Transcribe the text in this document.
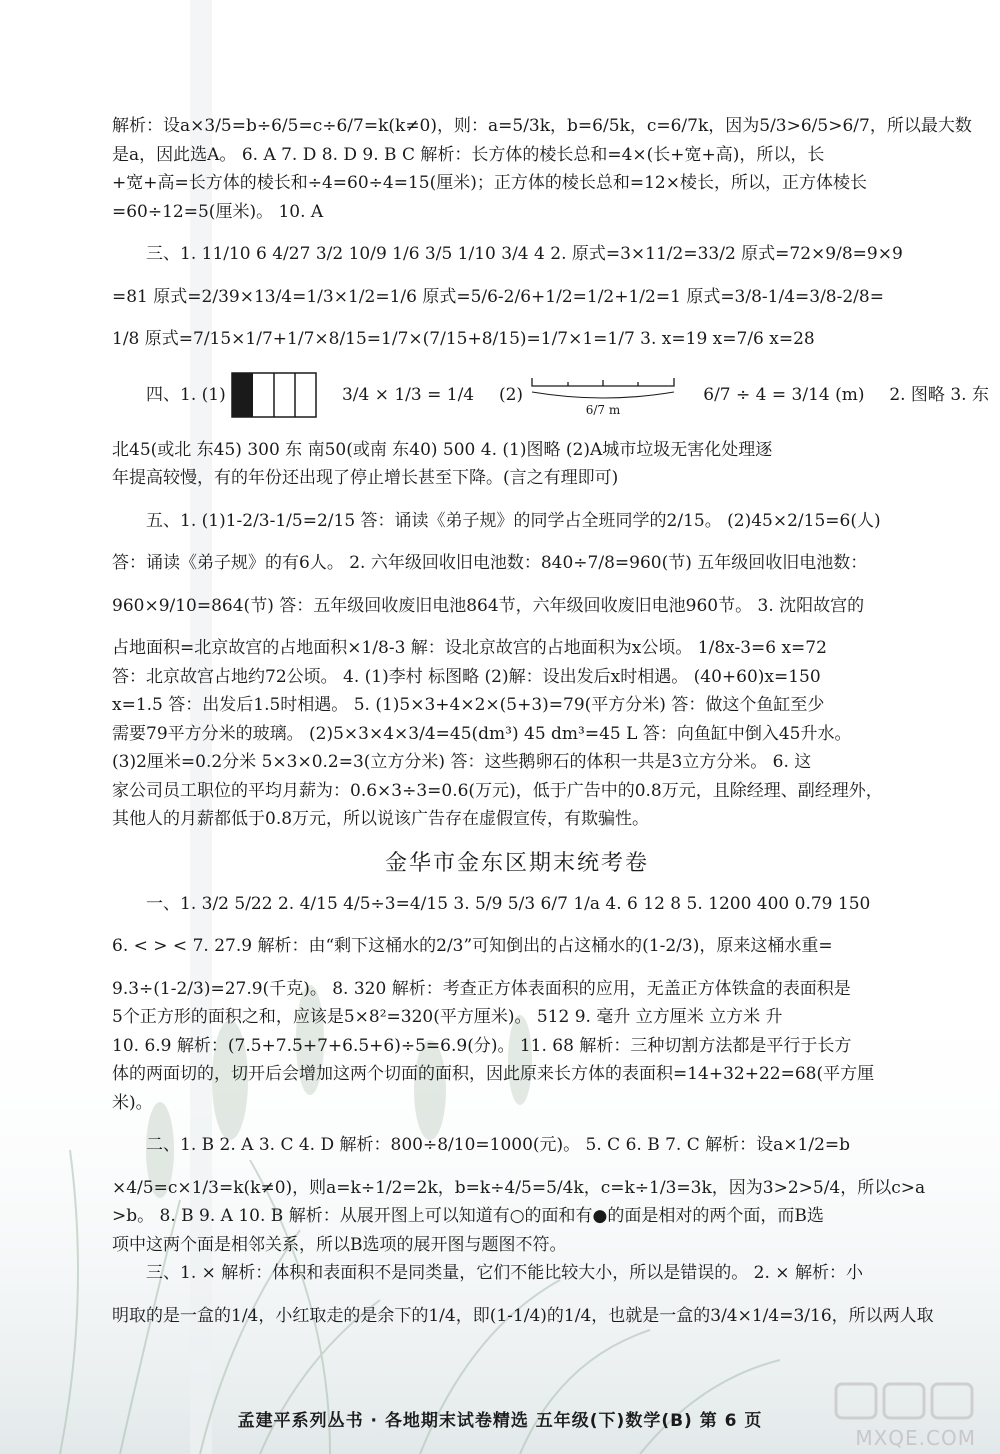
解析：设a×3/5=b÷6/5=c÷6/7=k(k≠0)，则：a=5/3k，b=6/5k，c=6/7k，因为5/3>6/5>6/7，所以最大数
是a，因此选A。 6. A 7. D 8. D 9. B C 解析：长方体的棱长总和=4×(长+宽+高)，所以，长
+宽+高=长方体的棱长和÷4=60÷4=15(厘米)；正方体的棱长总和=12×棱长，所以，正方体棱长
=60÷12=5(厘米)。 10. A
三、1. 11/10 6 4/27 3/2 10/9 1/6 3/5 1/10 3/4 4 2. 原式=3×11/2=33/2 原式=72×9/8=9×9
=81 原式=2/39×13/4=1/3×1/2=1/6 原式=5/6-2/6+1/2=1/2+1/2=1 原式=3/8-1/4=3/8-2/8=
1/8 原式=7/15×1/7+1/7×8/15=1/7×(7/15+8/15)=1/7×1=1/7 3. x=19 x=7/6 x=28
四、1. (1)	3/4 × 1/3 = 1/4 (2)
6/7 m
6/7 ÷ 4 = 3/14 (m) 2. 图略 3. 东
北45(或北 东45) 300 东 南50(或南 东40) 500 4. (1)图略 (2)A城市垃圾无害化处理逐
年提高较慢，有的年份还出现了停止增长甚至下降。(言之有理即可)
五、1. (1)1-2/3-1/5=2/15 答：诵读《弟子规》的同学占全班同学的2/15。 (2)45×2/15=6(人)
答：诵读《弟子规》的有6人。 2. 六年级回收旧电池数：840÷7/8=960(节) 五年级回收旧电池数：
960×9/10=864(节) 答：五年级回收废旧电池864节，六年级回收废旧电池960节。 3. 沈阳故宫的
占地面积=北京故宫的占地面积×1/8-3 解：设北京故宫的占地面积为x公顷。 1/8x-3=6 x=72
答：北京故宫占地约72公顷。 4. (1)李村 标图略 (2)解：设出发后x时相遇。 (40+60)x=150
x=1.5 答：出发后1.5时相遇。 5. (1)5×3+4×2×(5+3)=79(平方分米) 答：做这个鱼缸至少
需要79平方分米的玻璃。 (2)5×3×4×3/4=45(dm³) 45 dm³=45 L 答：向鱼缸中倒入45升水。
(3)2厘米=0.2分米 5×3×0.2=3(立方分米) 答：这些鹅卵石的体积一共是3立方分米。 6. 这
家公司员工职位的平均月薪为：0.6×3÷3=0.6(万元)，低于广告中的0.8万元，且除经理、副经理外，
其他人的月薪都低于0.8万元，所以说该广告存在虚假宣传，有欺骗性。
金华市金东区期末统考卷
一、1. 3/2 5/22 2. 4/15 4/5÷3=4/15 3. 5/9 5/3 6/7 1/a 4. 6 12 8 5. 1200 400 0.79 150
6. < > < 7. 27.9 解析：由“剩下这桶水的2/3”可知倒出的占这桶水的(1-2/3)，原来这桶水重=
9.3÷(1-2/3)=27.9(千克)。 8. 320 解析：考查正方体表面积的应用，无盖正方体铁盒的表面积是
5个正方形的面积之和，应该是5×8²=320(平方厘米)。 512 9. 毫升 立方厘米 立方米 升
10. 6.9 解析：(7.5+7.5+7+6.5+6)÷5=6.9(分)。 11. 68 解析：三种切割方法都是平行于长方
体的两面切的，切开后会增加这两个切面的面积，因此原来长方体的表面积=14+32+22=68(平方厘
米)。
二、1. B 2. A 3. C 4. D 解析：800÷8/10=1000(元)。 5. C 6. B 7. C 解析：设a×1/2=b
×4/5=c×1/3=k(k≠0)，则a=k÷1/2=2k，b=k÷4/5=5/4k，c=k÷1/3=3k，因为3>2>5/4，所以c>a
>b。 8. B 9. A 10. B 解析：从展开图上可以知道有○的面和有●的面是相对的两个面，而B选
项中这两个面是相邻关系，所以B选项的展开图与题图不符。
三、1. × 解析：体积和表面积不是同类量，它们不能比较大小，所以是错误的。 2. × 解析：小
明取的是一盒的1/4，小红取走的是余下的1/4，即(1-1/4)的1/4，也就是一盒的3/4×1/4=3/16，所以两人取
孟建平系列丛书 · 各地期末试卷精选 五年级(下)数学(B) 第 6 页
MXQE.COM
